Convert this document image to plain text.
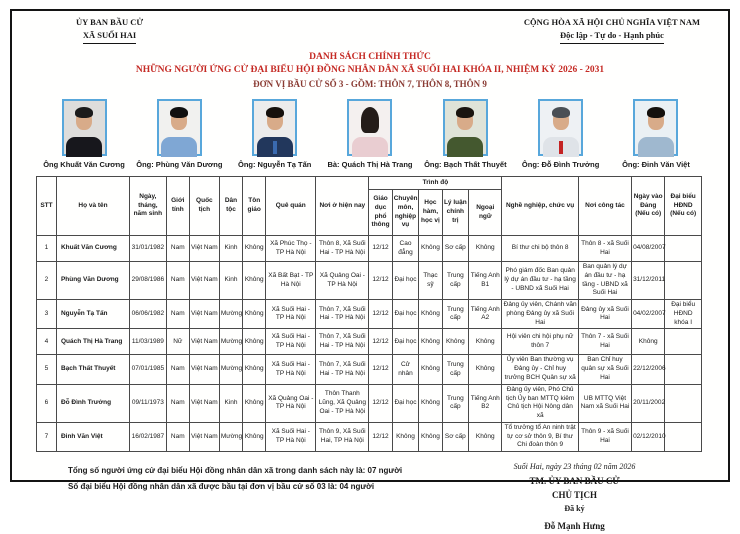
ỦY BAN BẦU CỬ
XÃ SUỐI HAI
CỘNG HÒA XÃ HỘI CHỦ NGHĨA VIỆT NAM
Độc lập - Tự do - Hạnh phúc
DANH SÁCH CHÍNH THỨC
NHỮNG NGƯỜI ỨNG CỬ ĐẠI BIỂU HỘI ĐỒNG NHÂN DÂN XÃ SUỐI HAI KHÓA II, NHIỆM KỲ 2026 - 2031
ĐƠN VỊ BẦU CỬ SỐ 3 - GỒM: THÔN 7, THÔN 8, THÔN 9
Ông Khuất Văn Cương Ông: Phùng Văn Dương Ông: Nguyễn Tạ Tấn Bà: Quách Thị Hà Trang Ông: Bạch Thất Thuyết Ông: Đỗ Đình Trưởng	Ông: Đinh Văn Việt
STT	Họ và tên	Ngày, tháng, năm sinh	Giới tính	Quốc tịch	Dân tộc	Tôn giáo	Quê quán	Nơi ở hiện nay	Trình độ					Nghề nghiệp, chức vụ	Nơi công tác	Ngày vào Đảng (Nếu có)	Đại biểu HĐND (Nếu có)
									Giáo dục phổ thông	Chuyên môn, nghiệp vụ	Học hàm, học vị	Lý luận chính trị	Ngoại ngữ				
1	Khuất Văn Cương	31/01/1982	Nam	Việt Nam	Kinh	Không	Xã Phúc Thọ - TP Hà Nội	Thôn 8, Xã Suối Hai - TP Hà Nội	12/12	Cao đẳng	Không	Sơ cấp	Không	Bí thư chi bộ thôn 8	Thôn 8 - xã Suối Hai	04/08/2007	
2	Phùng Văn Dương	29/08/1986	Nam	Việt Nam	Kinh	Không	Xã Bất Bạt - TP Hà Nội	Xã Quảng Oai - TP Hà Nội	12/12	Đại học	Thạc sỹ	Trung cấp	Tiếng Anh B1	Phó giám đốc Ban quản lý dự án đầu tư - hạ tầng - UBND xã Suối Hai	Ban quản lý dự án đầu tư - hạ tầng - UBND xã Suối Hai	31/12/2011	
3	Nguyễn Tạ Tấn	06/06/1982	Nam	Việt Nam	Mường	Không	Xã Suối Hai - TP Hà Nội	Thôn 7, Xã Suối Hai - TP Hà Nội	12/12	Đại học	Không	Trung cấp	Tiếng Anh A2	Đảng ủy viên, Chánh văn phòng Đảng ủy xã Suối Hai	Đảng ủy xã Suối Hai	04/02/2007	Đại biểu HĐND khóa I
4	Quách Thị Hà Trang	11/03/1989	Nữ	Việt Nam	Mường	Không	Xã Suối Hai - TP Hà Nội	Thôn 7, Xã Suối Hai - TP Hà Nội	12/12	Đại học	Không	Không	Không	Hội viên chi hội phụ nữ thôn 7	Thôn 7 - xã Suối Hai	Không	
5	Bạch Thất Thuyết	07/01/1985	Nam	Việt Nam	Mường	Không	Xã Suối Hai - TP Hà Nội	Thôn 7, Xã Suối Hai - TP Hà Nội	12/12	Cử nhân	Không	Trung cấp	Không	Ủy viên Ban thường vụ Đảng ủy - Chỉ huy trưởng BCH Quân sự xã	Ban Chỉ huy quân sự xã Suối Hai	22/12/2006	
6	Đỗ Đình Trưởng	09/11/1973	Nam	Việt Nam	Kinh	Không	Xã Quảng Oai - TP Hà Nội	Thôn Thanh Lũng, Xã Quảng Oai - TP Hà Nội	12/12	Đại học	Không	Trung cấp	Tiếng Anh B2	Đảng ủy viên, Phó Chủ tịch Ủy ban MTTQ kiêm Chủ tịch Hội Nông dân xã	UB MTTQ Việt Nam xã Suối Hai	20/11/2002	
7	Đinh Văn Việt	16/02/1987	Nam	Việt Nam	Mường	Không	Xã Suối Hai - TP Hà Nội	Thôn 9, Xã Suối Hai, TP Hà Nội	12/12	Không	Không	Sơ cấp	Không	Tổ trưởng tổ An ninh trật tự cơ sở thôn 9, Bí thư Chi đoàn thôn 9	Thôn 9 - xã Suối Hai	02/12/2010	
Tổng số người ứng cử đại biểu Hội đồng nhân dân xã trong danh sách này là: 07 người
Số đại biểu Hội đồng nhân dân xã được bầu tại đơn vị bầu cử số 03 là: 04 người
Suối Hai, ngày 23 tháng 02 năm 2026
TM. ỦY BAN BẦU CỬ
CHỦ TỊCH
Đã ký
Đỗ Mạnh Hưng
